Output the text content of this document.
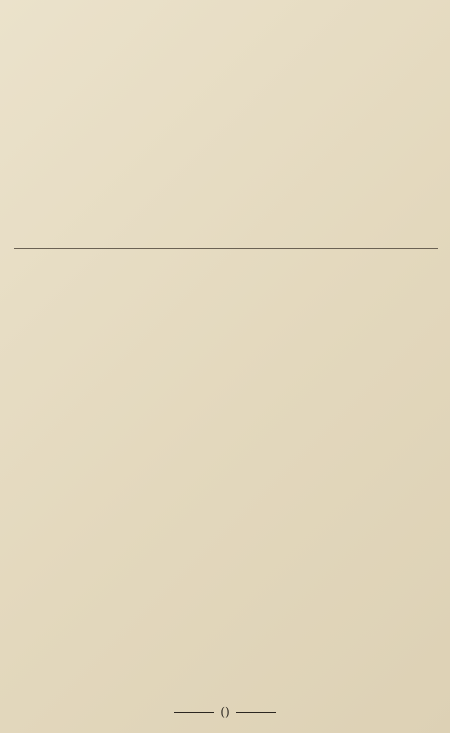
()
